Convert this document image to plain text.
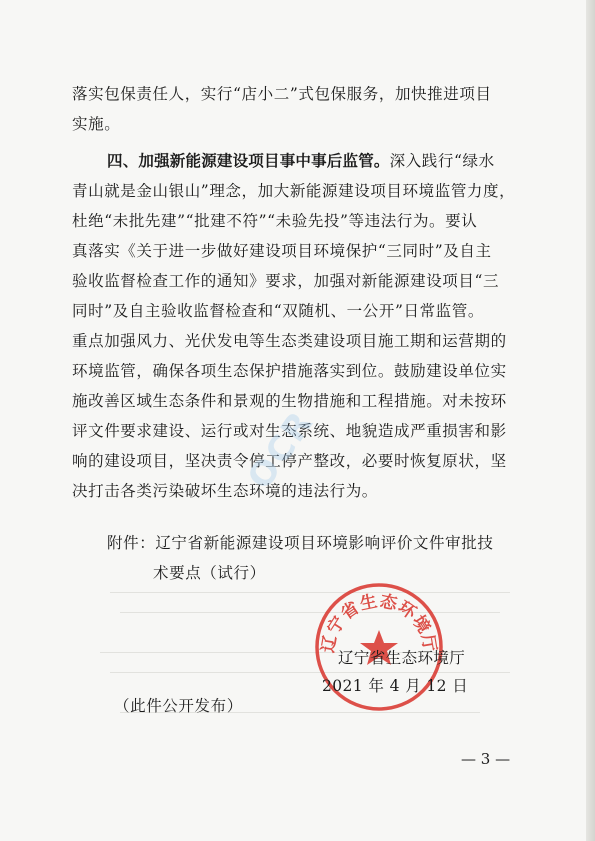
落实包保责任人，实行“店小二”式包保服务，加快推进项目
实施。
四、加强新能源建设项目事中事后监管。深入践行“绿水
青山就是金山银山”理念，加大新能源建设项目环境监管力度，
杜绝“未批先建”“批建不符”“未验先投”等违法行为。要认
真落实《关于进一步做好建设项目环境保护“三同时”及自主
验收监督检查工作的通知》要求，加强对新能源建设项目“三
同时”及自主验收监督检查和“双随机、一公开”日常监管。
重点加强风力、光伏发电等生态类建设项目施工期和运营期的
环境监管，确保各项生态保护措施落实到位。鼓励建设单位实
施改善区域生态条件和景观的生物措施和工程措施。对未按环
评文件要求建设、运行或对生态系统、地貌造成严重损害和影
响的建设项目，坚决责令停工停产整改，必要时恢复原状，坚
决打击各类污染破坏生态环境的违法行为。
OCR
附件：辽宁省新能源建设项目环境影响评价文件审批技
术要点（试行）
辽宁省生态环境厅
辽宁省生态环境厅
2021 年 4 月 12 日
（此件公开发布）
— 3 —
